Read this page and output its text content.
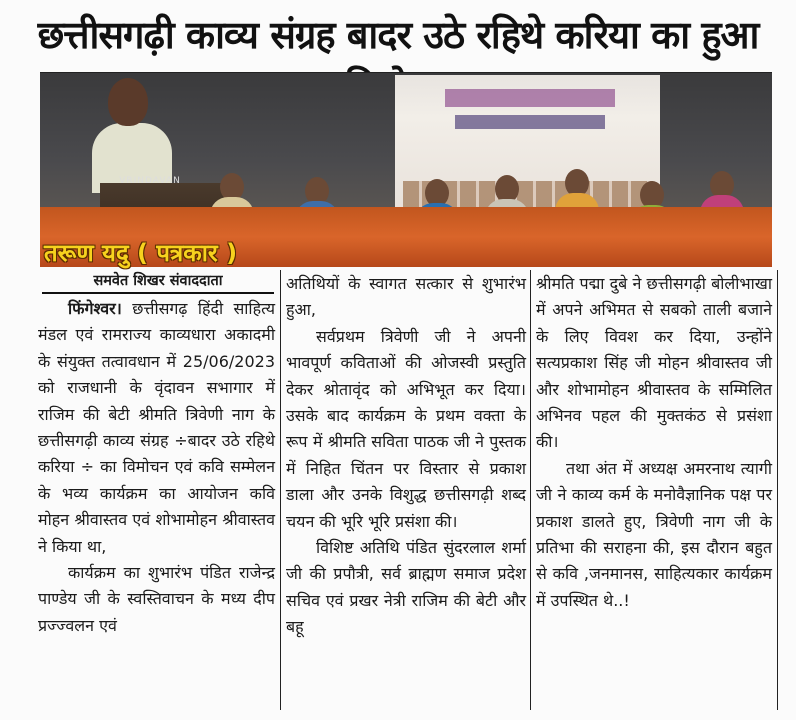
छत्तीसगढ़ी काव्य संग्रह बादर उठे रहिथे करिया का हुआ
VRINDAVAN
तरूण यदु ( पत्रकार )
समवेत शिखर संवाददाता

फिंगेश्वर। छत्तीसगढ़ हिंदी साहित्य मंडल एवं रामराज्य काव्यधारा अकादमी के संयुक्त तत्वावधान में 25/06/2023 को राजधानी के वृंदावन सभागार में राजिम की बेटी श्रीमति त्रिवेणी नाग के छत्तीसगढ़ी काव्य संग्रह ÷बादर उठे रहिथे करिया ÷ का विमोचन एवं कवि सम्मेलन के भव्य कार्यक्रम का आयोजन कवि मोहन श्रीवास्तव एवं शोभामोहन श्रीवास्तव ने किया था,

कार्यक्रम का शुभारंभ पंडित राजेन्द्र पाण्डेय जी के स्वस्तिवाचन के मध्य दीप प्रज्ज्वलन एवं

अतिथियों के स्वागत सत्कार से शुभारंभ हुआ,

सर्वप्रथम त्रिवेणी जी ने अपनी भावपूर्ण कविताओं की ओजस्वी प्रस्तुति देकर श्रोतावृंद को अभिभूत कर दिया। उसके बाद कार्यक्रम के प्रथम वक्ता के रूप में श्रीमति सविता पाठक जी ने पुस्तक में निहित चिंतन पर विस्तार से प्रकाश डाला और उनके विशुद्ध छत्तीसगढ़ी शब्द चयन की भूरि भूरि प्रसंशा की।

विशिष्ट अतिथि पंडित सुंदरलाल शर्मा जी की प्रपौत्री, सर्व ब्राह्मण समाज प्रदेश सचिव एवं प्रखर नेत्री राजिम की बेटी और बहू

श्रीमति पद्मा दुबे ने छत्तीसगढ़ी बोलीभाखा में अपने अभिमत से सबको ताली बजाने के लिए विवश कर दिया, उन्होंने सत्यप्रकाश सिंह जी मोहन श्रीवास्तव जी और शोभामोहन श्रीवास्तव के सम्मिलित अभिनव पहल की मुक्तकंठ से प्रसंशा की।

तथा अंत में अध्यक्ष अमरनाथ त्यागी जी ने काव्य कर्म के मनोवैज्ञानिक पक्ष पर प्रकाश डालते हुए, त्रिवेणी नाग जी के प्रतिभा की सराहना की, इस दौरान बहुत से कवि ,जनमानस, साहित्यकार कार्यक्रम में उपस्थित थे..!
